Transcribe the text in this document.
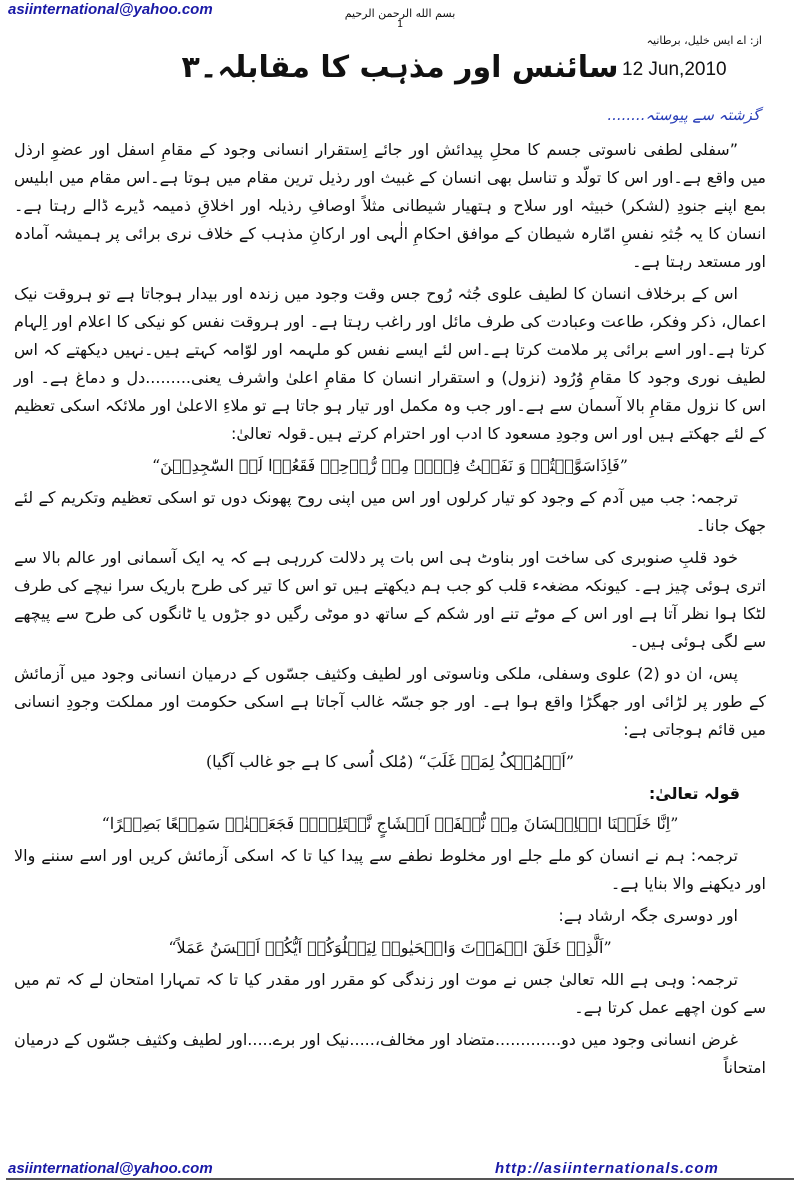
asiinternational@yahoo.com	بسم الله الرحمن الرحیم
1
از: اے ایس خلیل، برطانیہ
12 Jun,2010
سائنس اور مذہب کا مقابلہ۔۳
گزشتہ سے پیوستہ........

”سفلی لطفی ناسوتی جسم کا محلِ پیدائش اور جائے اِستقرار انسانی وجود کے مقامِ اسفل اور عضوِ ارذل میں واقع ہے۔اور اس کا تولّد و تناسل بھی انسان کے غبیث اور رذیل ترین مقام میں ہوتا ہے۔اس مقام میں ابلیس بمع اپنے جنودِ (لشکر) خبیثہ اور سلاح و ہتھیار شیطانی مثلاً اوصافِ رذیلہ اور اخلاقِ ذمیمہ ڈیرے ڈالے رہتا ہے۔ انسان کا یہ جُثہِ نفسِ امّارہ شیطان کے موافق احکامِ الٰہی اور ارکانِ مذہب کے خلاف نری برائی پر ہمیشہ آمادہ اور مستعد رہتا ہے۔

اس کے برخلاف انسان کا لطیف علوی جُثہ رُوح جس وقت وجود میں زندہ اور بیدار ہوجاتا ہے تو ہروقت نیک اعمال، ذکر وفکر، طاعت وعبادت کی طرف مائل اور راغب رہتا ہے۔ اور ہروقت نفس کو نیکی کا اعلام اور اِلہام کرتا ہے۔اور اسے برائی پر ملامت کرتا ہے۔اس لئے ایسے نفس کو ملہمہ اور لوّامہ کہتے ہیں۔نہیں دیکھتے کہ اس لطیف نوری وجود کا مقامِ وُرُود (نزول) و استقرار انسان کا مقامِ اعلیٰ واشرف یعنی.........دل و دماغ ہے۔ اور اس کا نزول مقامِ بالا آسمان سے ہے۔اور جب وہ مکمل اور تیار ہو جاتا ہے تو ملاءِ الاعلیٰ اور ملائکہ اسکی تعظیم کے لئے جھکتے ہیں اور اس وجودِ مسعود کا ادب اور احترام کرتے ہیں۔قولہ تعالیٰ:

”فَاِذَاسَوَّیۡتُہٗ وَ نَفَخۡتُ فِیۡہِ مِنۡ رُّوۡحِیۡ فَقَعُوۡا لَہٗ السّٰجِدِیۡنَ“

ترجمہ: جب میں آدم کے وجود کو تیار کرلوں اور اس میں اپنی روح پھونک دوں تو اسکی تعظیم وتکریم کے لئے جھک جانا۔

خود قلبِ صنوبری کی ساخت اور بناوٹ ہی اس بات پر دلالت کررہی ہے کہ یہ ایک آسمانی اور عالم بالا سے اتری ہوئی چیز ہے۔ کیونکہ مضغہء قلب کو جب ہم دیکھتے ہیں تو اس کا تیر کی طرح باریک سرا نیچے کی طرف لٹکا ہوا نظر آتا ہے اور اس کے موٹے تنے اور شکم کے ساتھ دو موٹی رگیں دو جڑوں یا ٹانگوں کی طرح سے پیچھے سے لگی ہوئی ہیں۔

پس، ان دو (2) علوی وسفلی، ملکی وناسوتی اور لطیف وکثیف جسّوں کے درمیان انسانی وجود میں آزمائش کے طور پر لڑائی اور جھگڑا واقع ہوا ہے۔ اور جو جسّہ غالب آجاتا ہے اسکی حکومت اور مملکت وجودِ انسانی میں قائم ہوجاتی ہے:

”اَلۡمُلۡکُ لِمَنۡ غَلَبَ“ (مُلک اُسی کا ہے جو غالب آگیا)

قولہ تعالیٰ:

”اِنَّا خَلَقۡنَا الۡاِنۡسَانَ مِنۡ نُّطۡفَۃٍ اَمۡشَاجٍ نَّبۡتَلِیۡہِ فَجَعَلۡنٰہُ سَمِیۡعًا بَصِیۡرًا“

ترجمہ: ہم نے انسان کو ملے جلے اور مخلوط نطفے سے پیدا کیا تا کہ اسکی آزمائش کریں اور اسے سننے والا اور دیکھنے والا بنایا ہے۔

اور دوسری جگہ ارشاد ہے:

”اَلَّذِیۡ خَلَقَ الۡمَوۡتَ وَالۡحَیٰوۃَ لِیَبۡلُوَکُمۡ اَیُّکُمۡ اَحۡسَنُ عَمَلاً“

ترجمہ: وہی ہے اللہ تعالیٰ جس نے موت اور زندگی کو مقرر اور مقدر کیا تا کہ تمہارا امتحان لے کہ تم میں سے کون اچھے عمل کرتا ہے۔

غرض انسانی وجود میں دو.............متضاد اور مخالف،.....نیک اور برے.....اور لطیف وکثیف جسّوں کے درمیان امتحاناً

asiinternational@yahoo.com	http://asiinternationals.com
